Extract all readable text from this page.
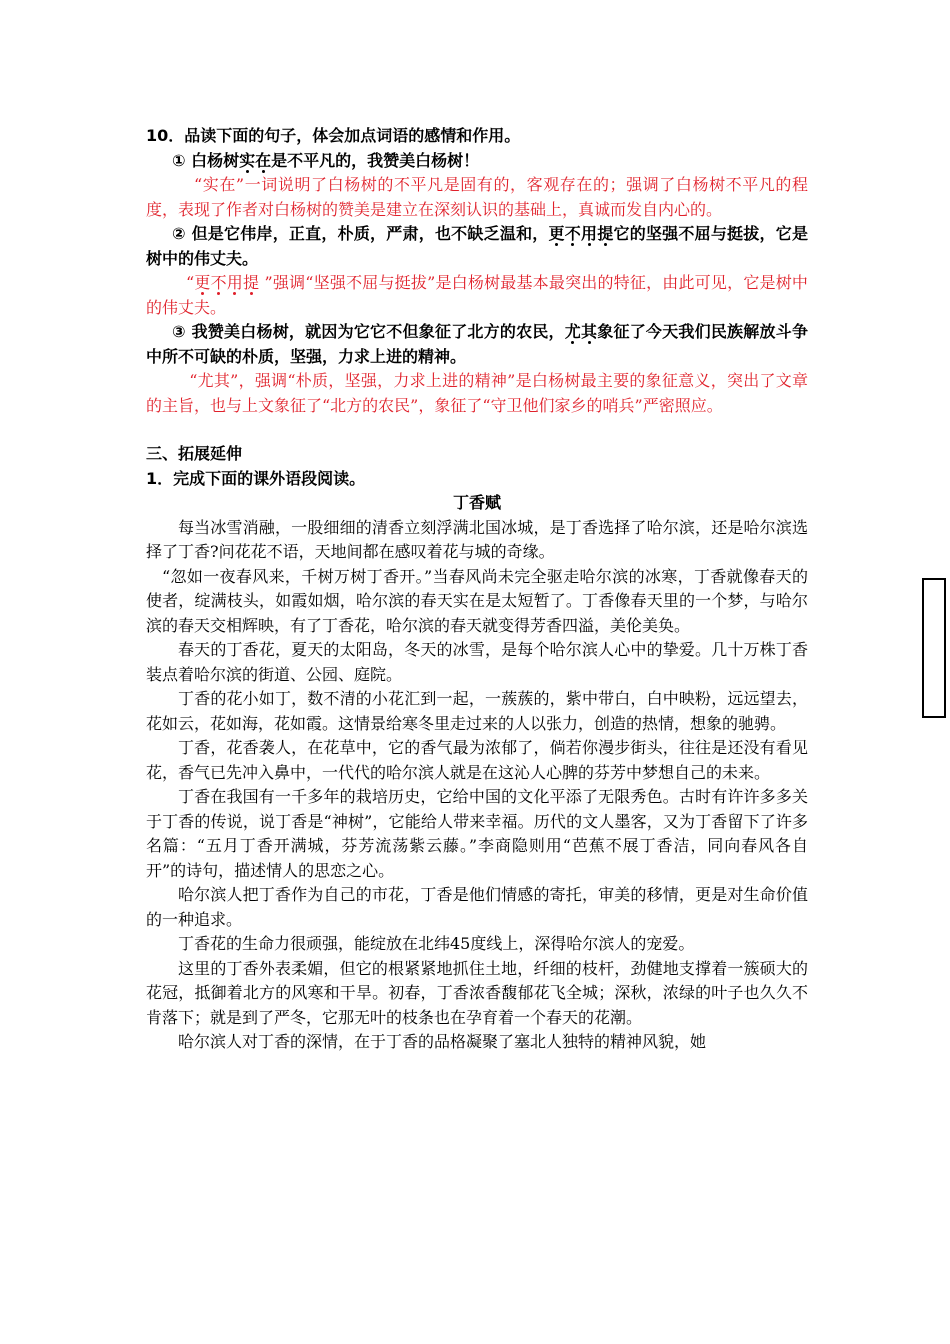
10．品读下面的句子，体会加点词语的感情和作用。
① 白杨树实在是不平凡的，我赞美白杨树！

“实在”一词说明了白杨树的不平凡是固有的，客观存在的；强调了白杨树不平凡的程度，表现了作者对白杨树的赞美是建立在深刻认识的基础上，真诚而发自内心的。

② 但是它伟岸，正直，朴质，严肃，也不缺乏温和，更不用提它的坚强不屈与挺拔，它是树中的伟丈夫。

“更不用提 ”强调“坚强不屈与挺拔”是白杨树最基本最突出的特征，由此可见，它是树中的伟丈夫。

③ 我赞美白杨树，就因为它它不但象征了北方的农民，尤其象征了今天我们民族解放斗争中所不可缺的朴质，坚强，力求上进的精神。

“尤其”，强调“朴质，坚强，力求上进的精神”是白杨树最主要的象征意义，突出了文章的主旨，也与上文象征了“北方的农民”，象征了“守卫他们家乡的哨兵”严密照应。

三、拓展延伸
1．完成下面的课外语段阅读。
丁香赋

每当冰雪消融，一股细细的清香立刻浮满北国冰城，是丁香选择了哈尔滨，还是哈尔滨选择了丁香?问花花不语，天地间都在感叹着花与城的奇缘。

“忽如一夜春风来，千树万树丁香开。”当春风尚未完全驱走哈尔滨的冰寒，丁香就像春天的使者，绽满枝头，如霞如烟，哈尔滨的春天实在是太短暂了。丁香像春天里的一个梦，与哈尔滨的春天交相辉映，有了丁香花，哈尔滨的春天就变得芳香四溢，美伦美奂。

春天的丁香花，夏天的太阳岛，冬天的冰雪，是每个哈尔滨人心中的挚爱。几十万株丁香装点着哈尔滨的街道、公园、庭院。

丁香的花小如丁，数不清的小花汇到一起，一蔟蔟的，紫中带白，白中映粉，远远望去，花如云，花如海，花如霞。这情景给寒冬里走过来的人以张力，创造的热情，想象的驰骋。

丁香，花香袭人，在花草中，它的香气最为浓郁了，倘若你漫步街头，往往是还没有看见花，香气已先冲入鼻中，一代代的哈尔滨人就是在这沁人心脾的芬芳中梦想自己的未来。

丁香在我国有一千多年的栽培历史，它给中国的文化平添了无限秀色。古时有许许多多关于丁香的传说，说丁香是“神树”，它能给人带来幸福。历代的文人墨客，又为丁香留下了许多名篇：“五月丁香开满城，芬芳流荡紫云藤。”李商隐则用“芭蕉不展丁香洁，同向春风各自开”的诗句，描述情人的思恋之心。

哈尔滨人把丁香作为自己的市花，丁香是他们情感的寄托，审美的移情，更是对生命价值的一种追求。

丁香花的生命力很顽强，能绽放在北纬45度线上，深得哈尔滨人的宠爱。

这里的丁香外表柔媚，但它的根紧紧地抓住土地，纤细的枝杆，劲健地支撑着一簇硕大的花冠，抵御着北方的风寒和干旱。初春，丁香浓香馥郁花飞全城；深秋，浓绿的叶子也久久不肯落下；就是到了严冬，它那无叶的枝条也在孕育着一个春天的花潮。

哈尔滨人对丁香的深情，在于丁香的品格凝聚了塞北人独特的精神风貌，她
